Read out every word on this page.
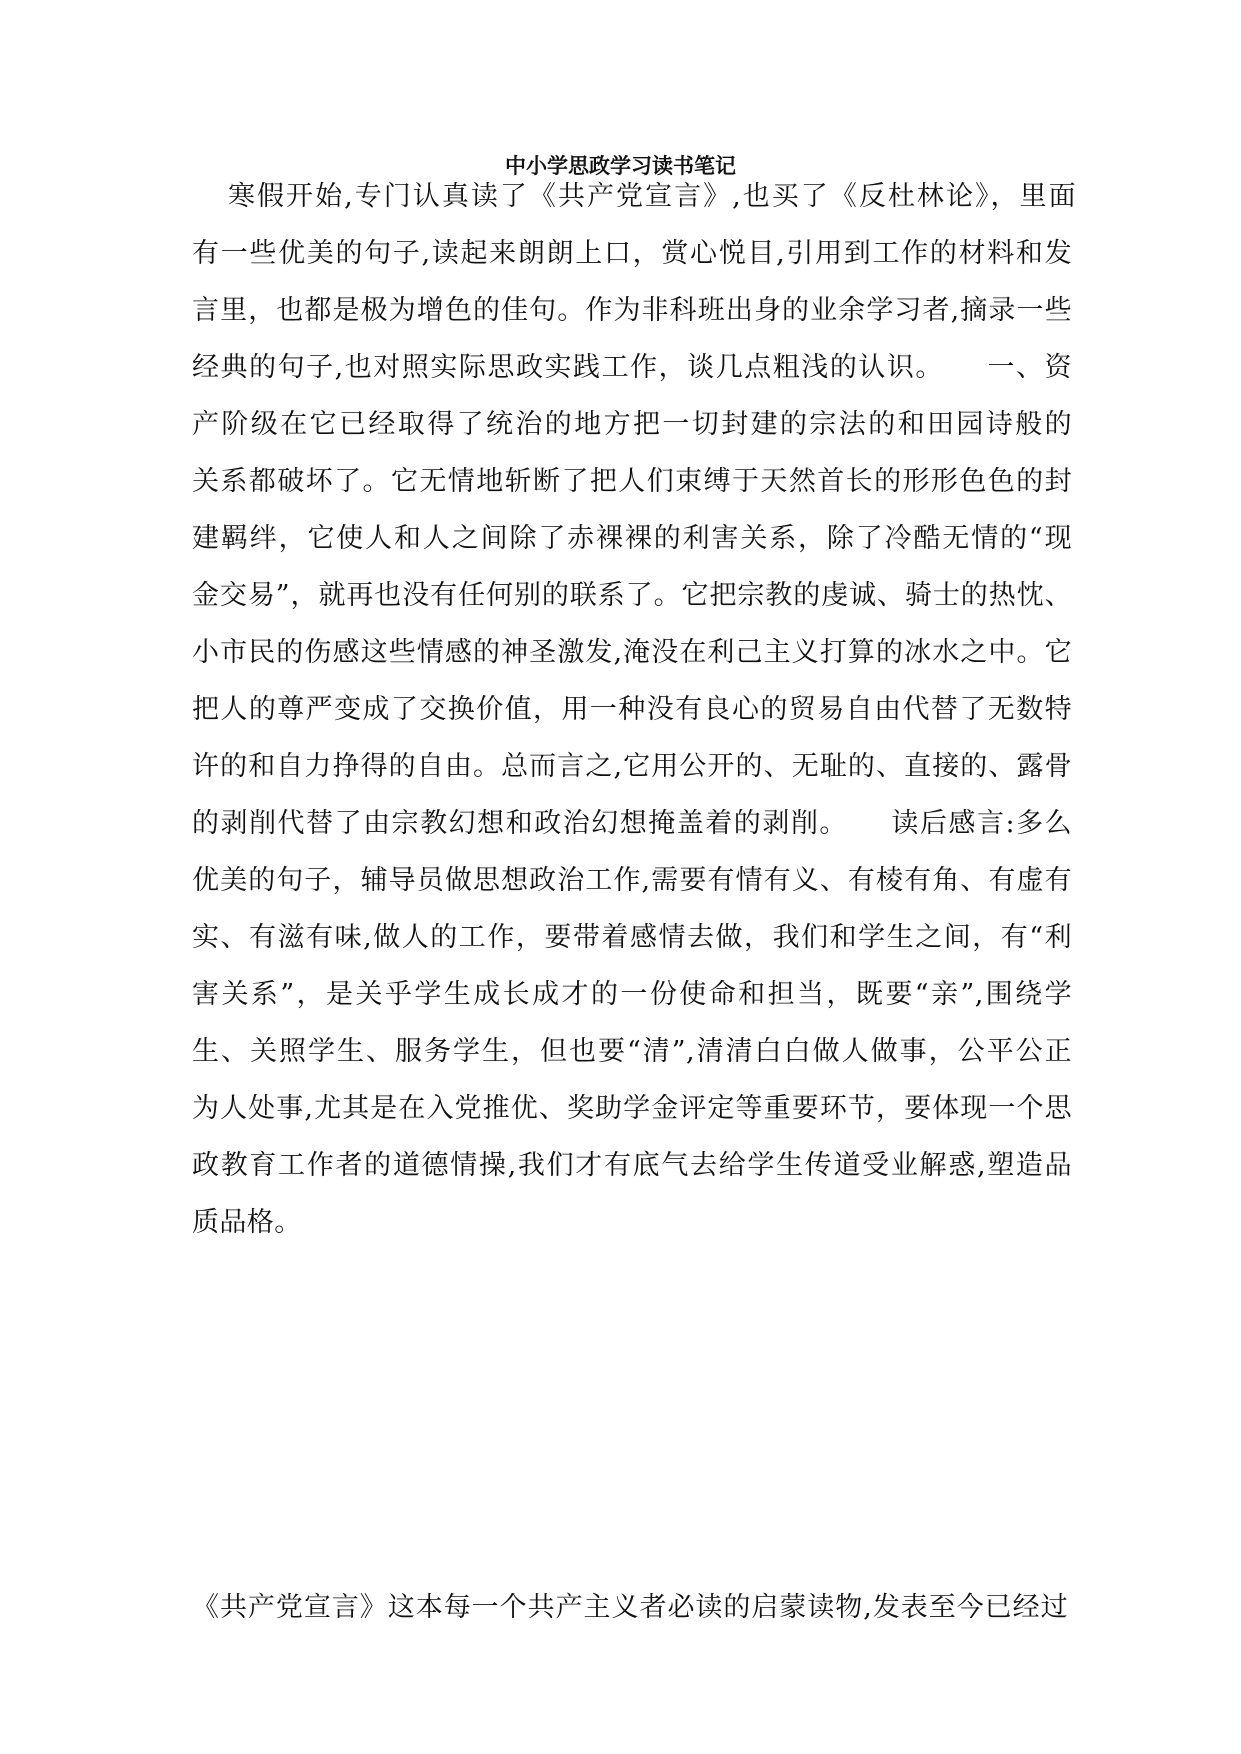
中小学思政学习读书笔记
寒假开始,专门认真读了《共产党宣言》,也买了《反杜林论》，里面
有一些优美的句子,读起来朗朗上口，赏心悦目,引用到工作的材料和发
言里，也都是极为增色的佳句。作为非科班出身的业余学习者,摘录一些
经典的句子,也对照实际思政实践工作，谈几点粗浅的认识。　　一、资
产阶级在它已经取得了统治的地方把一切封建的宗法的和田园诗般的
关系都破坏了。它无情地斩断了把人们束缚于天然首长的形形色色的封
建羁绊，它使人和人之间除了赤裸裸的利害关系，除了冷酷无情的“现
金交易”，就再也没有任何别的联系了。它把宗教的虔诚、骑士的热忱、
小市民的伤感这些情感的神圣激发,淹没在利己主义打算的冰水之中。它
把人的尊严变成了交换价值，用一种没有良心的贸易自由代替了无数特
许的和自力挣得的自由。总而言之,它用公开的、无耻的、直接的、露骨
的剥削代替了由宗教幻想和政治幻想掩盖着的剥削。　　读后感言:多么
优美的句子，辅导员做思想政治工作,需要有情有义、有棱有角、有虚有
实、有滋有味,做人的工作，要带着感情去做，我们和学生之间，有“利
害关系”，是关乎学生成长成才的一份使命和担当，既要“亲”,围绕学
生、关照学生、服务学生，但也要“清”,清清白白做人做事，公平公正
为人处事,尤其是在入党推优、奖助学金评定等重要环节，要体现一个思
政教育工作者的道德情操,我们才有底气去给学生传道受业解惑,塑造品
质品格。
《共产党宣言》这本每一个共产主义者必读的启蒙读物,发表至今已经过
